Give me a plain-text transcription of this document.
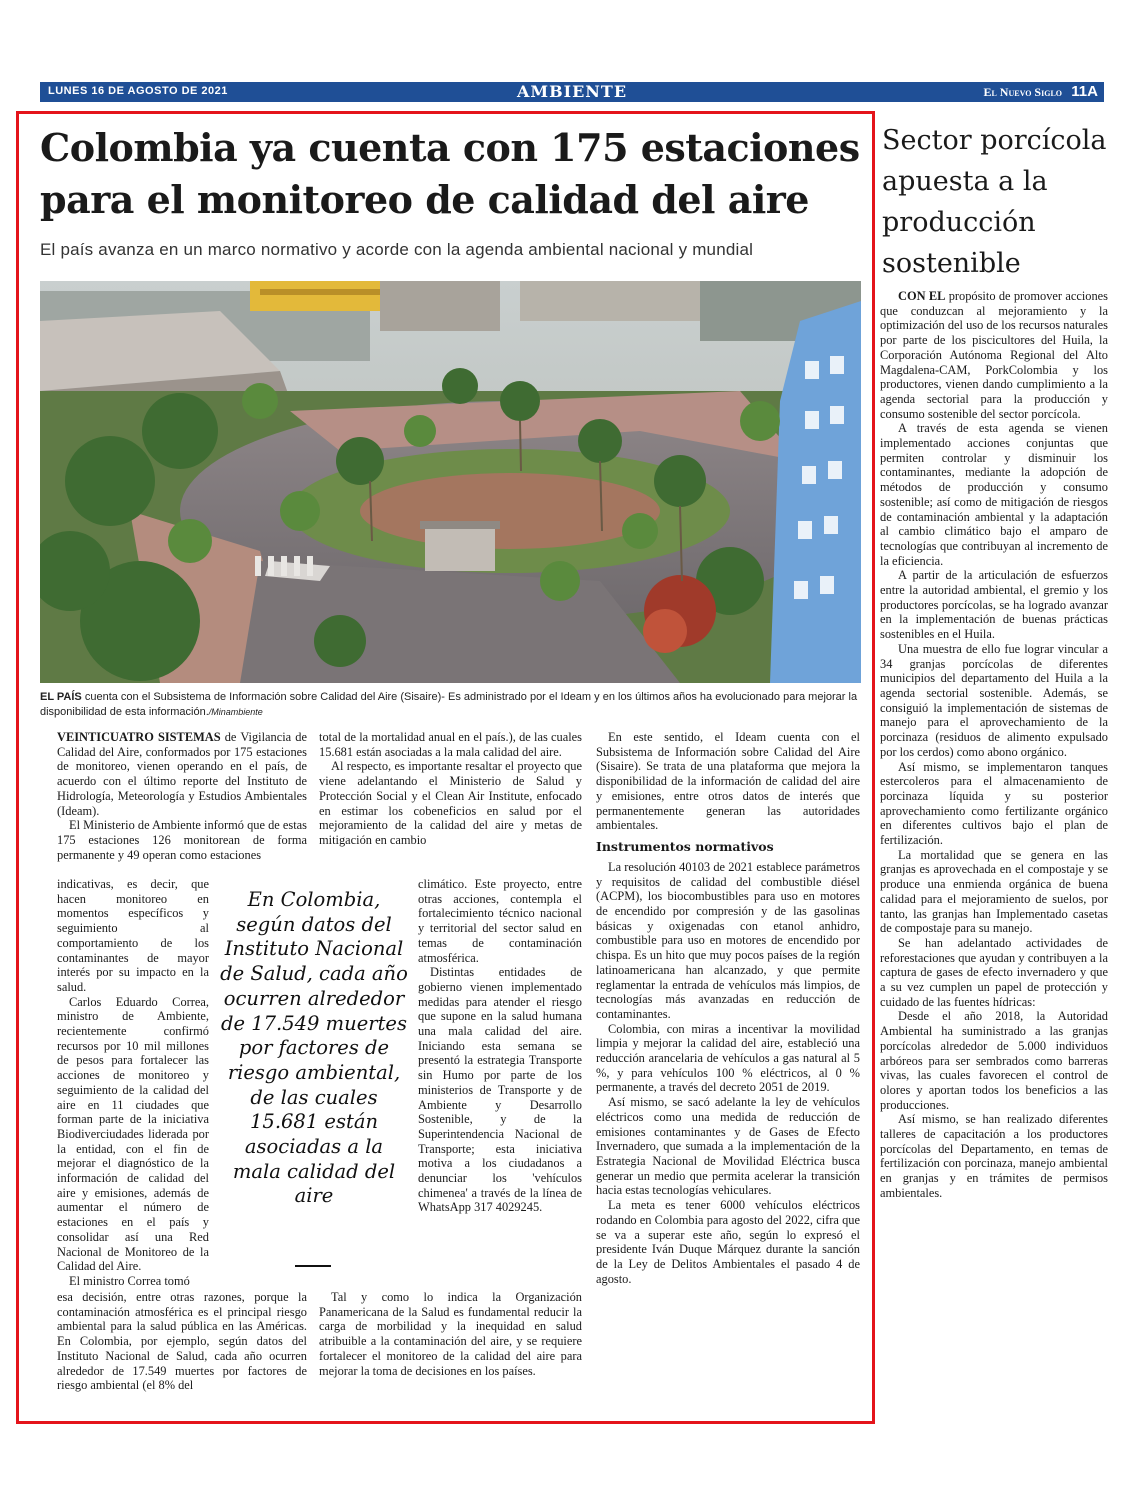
LUNES 16 DE AGOSTO DE 2021	AMBIENTE	El Nuevo Siglo 11A
Colombia ya cuenta con 175 estaciones para el monitoreo de calidad del aire
El país avanza en un marco normativo y acorde con la agenda ambiental nacional y mundial
EL PAÍS cuenta con el Subsistema de Información sobre Calidad del Aire (Sisaire)- Es administrado por el Ideam y en los últimos años ha evolucionado para mejorar la disponibilidad de esta información./Minambiente

VEINTICUATRO SISTEMAS de Vigilancia de Calidad del Aire, conformados por 175 estaciones de monitoreo, vienen operando en el país, de acuerdo con el último reporte del Instituto de Hidrología, Meteorología y Estudios Ambientales (Ideam).

El Ministerio de Ambiente informó que de estas 175 estaciones 126 monitorean de forma permanente y 49 operan como estaciones

indicativas, es decir, que hacen monitoreo en momentos específicos y seguimiento al comportamiento de los contaminantes de mayor interés por su impacto en la salud.

Carlos Eduardo Correa, ministro de Ambiente, recientemente confirmó recursos por 10 mil millones de pesos para fortalecer las acciones de monitoreo y seguimiento de la calidad del aire en 11 ciudades que forman parte de la iniciativa Biodiverciudades liderada por la entidad, con el fin de mejorar el diagnóstico de la información de calidad del aire y emisiones, además de aumentar el número de estaciones en el país y consolidar así una Red Nacional de Monitoreo de la Calidad del Aire.

El ministro Correa tomó

esa decisión, entre otras razones, porque la contaminación atmosférica es el principal riesgo ambiental para la salud pública en las Américas. En Colombia, por ejemplo, según datos del Instituto Nacional de Salud, cada año ocurren alrededor de 17.549 muertes por factores de riesgo ambiental (el 8% del

total de la mortalidad anual en el país.), de las cuales 15.681 están asociadas a la mala calidad del aire.

Al respecto, es importante resaltar el proyecto que viene adelantando el Ministerio de Salud y Protección Social y el Clean Air Institute, enfocado en estimar los cobeneficios en salud por el mejoramiento de la calidad del aire y metas de mitigación en cambio

climático. Este proyecto, entre otras acciones, contempla el fortalecimiento técnico nacional y territorial del sector salud en temas de contaminación atmosférica.

Distintas entidades de gobierno vienen implementado medidas para atender el riesgo que supone en la salud humana una mala calidad del aire. Iniciando esta semana se presentó la estrategia Transporte sin Humo por parte de los ministerios de Transporte y de Ambiente y Desarrollo Sostenible, y de la Superintendencia Nacional de Transporte; esta iniciativa motiva a los ciudadanos a denunciar los 'vehículos chimenea' a través de la línea de WhatsApp 317 4029245.

Tal y como lo indica la Organización Panamericana de la Salud es fundamental reducir la carga de morbilidad y la inequidad en salud atribuible a la contaminación del aire, y se requiere fortalecer el monitoreo de la calidad del aire para mejorar la toma de decisiones en los países.

En Colombia, según datos del Instituto Nacional de Salud, cada año ocurren alrededor de 17.549 muertes por factores de riesgo ambiental, de las cuales 15.681 están asociadas a la mala calidad del aire

En este sentido, el Ideam cuenta con el Subsistema de Información sobre Calidad del Aire (Sisaire). Se trata de una plataforma que mejora la disponibilidad de la información de calidad del aire y emisiones, entre otros datos de interés que permanentemente generan las autoridades ambientales.

Instrumentos normativos

La resolución 40103 de 2021 establece parámetros y requisitos de calidad del combustible diésel (ACPM), los biocombustibles para uso en motores de encendido por compresión y de las gasolinas básicas y oxigenadas con etanol anhidro, combustible para uso en motores de encendido por chispa. Es un hito que muy pocos países de la región latinoamericana han alcanzado, y que permite reglamentar la entrada de vehículos más limpios, de tecnologías más avanzadas en reducción de contaminantes.

Colombia, con miras a incentivar la movilidad limpia y mejorar la calidad del aire, estableció una reducción arancelaria de vehículos a gas natural al 5 %, y para vehículos 100 % eléctricos, al 0 % permanente, a través del decreto 2051 de 2019.

Así mismo, se sacó adelante la ley de vehículos eléctricos como una medida de reducción de emisiones contaminantes y de Gases de Efecto Invernadero, que sumada a la implementación de la Estrategia Nacional de Movilidad Eléctrica busca generar un medio que permita acelerar la transición hacia estas tecnologías vehiculares.

La meta es tener 6000 vehículos eléctricos rodando en Colombia para agosto del 2022, cifra que se va a superar este año, según lo expresó el presidente Iván Duque Márquez durante la sanción de la Ley de Delitos Ambientales el pasado 4 de agosto.

Sector porcícola apuesta a la producción sostenible

CON EL propósito de promover acciones que conduzcan al mejoramiento y la optimización del uso de los recursos naturales por parte de los piscicultores del Huila, la Corporación Autónoma Regional del Alto Magdalena-CAM, PorkColombia y los productores, vienen dando cumplimiento a la agenda sectorial para la producción y consumo sostenible del sector porcícola.

A través de esta agenda se vienen implementado acciones conjuntas que permiten controlar y disminuir los contaminantes, mediante la adopción de métodos de producción y consumo sostenible; así como de mitigación de riesgos de contaminación ambiental y la adaptación al cambio climático bajo el amparo de tecnologías que contribuyan al incremento de la eficiencia.

A partir de la articulación de esfuerzos entre la autoridad ambiental, el gremio y los productores porcícolas, se ha logrado avanzar en la implementación de buenas prácticas sostenibles en el Huila.

Una muestra de ello fue lograr vincular a 34 granjas porcícolas de diferentes municipios del departamento del Huila a la agenda sectorial sostenible. Además, se consiguió la implementación de sistemas de manejo para el aprovechamiento de la porcinaza (residuos de alimento expulsado por los cerdos) como abono orgánico.

Así mismo, se implementaron tanques estercoleros para el almacenamiento de porcinaza líquida y su posterior aprovechamiento como fertilizante orgánico en diferentes cultivos bajo el plan de fertilización.

La mortalidad que se genera en las granjas es aprovechada en el compostaje y se produce una enmienda orgánica de buena calidad para el mejoramiento de suelos, por tanto, las granjas han Implementado casetas de compostaje para su manejo.

Se han adelantado actividades de reforestaciones que ayudan y contribuyen a la captura de gases de efecto invernadero y que a su vez cumplen un papel de protección y cuidado de las fuentes hídricas:

Desde el año 2018, la Autoridad Ambiental ha suministrado a las granjas porcícolas alrededor de 5.000 individuos arbóreos para ser sembrados como barreras vivas, las cuales favorecen el control de olores y aportan todos los beneficios a las producciones.

Así mismo, se han realizado diferentes talleres de capacitación a los productores porcícolas del Departamento, en temas de fertilización con porcinaza, manejo ambiental en granjas y en trámites de permisos ambientales.
